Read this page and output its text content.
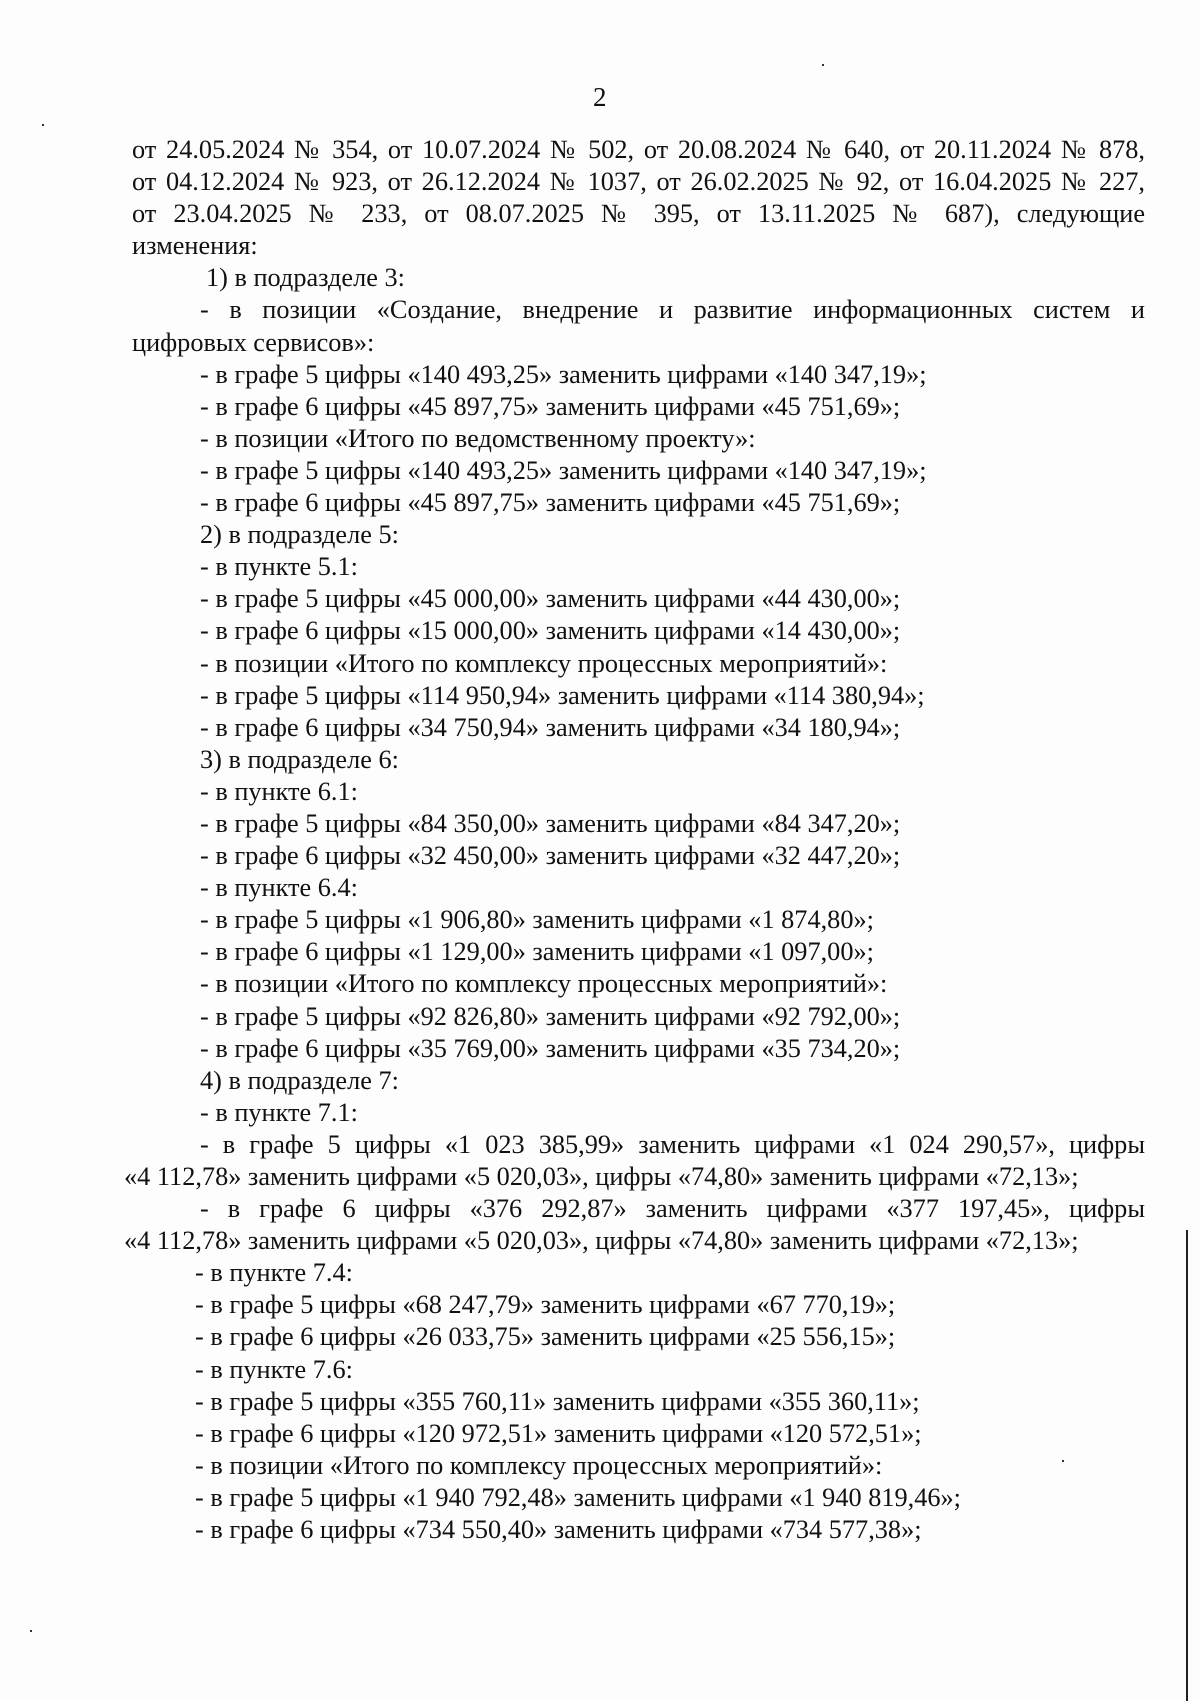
2
от 24.05.2024 № 354, от 10.07.2024 № 502, от 20.08.2024 № 640, от 20.11.2024 № 878,
от 04.12.2024 № 923, от 26.12.2024 № 1037, от 26.02.2025 № 92, от 16.04.2025 № 227,
от 23.04.2025 № 233, от 08.07.2025 № 395, от 13.11.2025 № 687), следующие
изменения:
1) в подразделе 3:
- в позиции «Создание, внедрение и развитие информационных систем и
цифровых сервисов»:
- в графе 5 цифры «140 493,25» заменить цифрами «140 347,19»;
- в графе 6 цифры «45 897,75» заменить цифрами «45 751,69»;
- в позиции «Итого по ведомственному проекту»:
- в графе 5 цифры «140 493,25» заменить цифрами «140 347,19»;
- в графе 6 цифры «45 897,75» заменить цифрами «45 751,69»;
2) в подразделе 5:
- в пункте 5.1:
- в графе 5 цифры «45 000,00» заменить цифрами «44 430,00»;
- в графе 6 цифры «15 000,00» заменить цифрами «14 430,00»;
- в позиции «Итого по комплексу процессных мероприятий»:
- в графе 5 цифры «114 950,94» заменить цифрами «114 380,94»;
- в графе 6 цифры «34 750,94» заменить цифрами «34 180,94»;
3) в подразделе 6:
- в пункте 6.1:
- в графе 5 цифры «84 350,00» заменить цифрами «84 347,20»;
- в графе 6 цифры «32 450,00» заменить цифрами «32 447,20»;
- в пункте 6.4:
- в графе 5 цифры «1 906,80» заменить цифрами «1 874,80»;
- в графе 6 цифры «1 129,00» заменить цифрами «1 097,00»;
- в позиции «Итого по комплексу процессных мероприятий»:
- в графе 5 цифры «92 826,80» заменить цифрами «92 792,00»;
- в графе 6 цифры «35 769,00» заменить цифрами «35 734,20»;
4) в подразделе 7:
- в пункте 7.1:
- в графе 5 цифры «1 023 385,99» заменить цифрами «1 024 290,57», цифры
«4 112,78» заменить цифрами «5 020,03», цифры «74,80» заменить цифрами «72,13»;
- в графе 6 цифры «376 292,87» заменить цифрами «377 197,45», цифры
«4 112,78» заменить цифрами «5 020,03», цифры «74,80» заменить цифрами «72,13»;
- в пункте 7.4:
- в графе 5 цифры «68 247,79» заменить цифрами «67 770,19»;
- в графе 6 цифры «26 033,75» заменить цифрами «25 556,15»;
- в пункте 7.6:
- в графе 5 цифры «355 760,11» заменить цифрами «355 360,11»;
- в графе 6 цифры «120 972,51» заменить цифрами «120 572,51»;
- в позиции «Итого по комплексу процессных мероприятий»:
- в графе 5 цифры «1 940 792,48» заменить цифрами «1 940 819,46»;
- в графе 6 цифры «734 550,40» заменить цифрами «734 577,38»;
